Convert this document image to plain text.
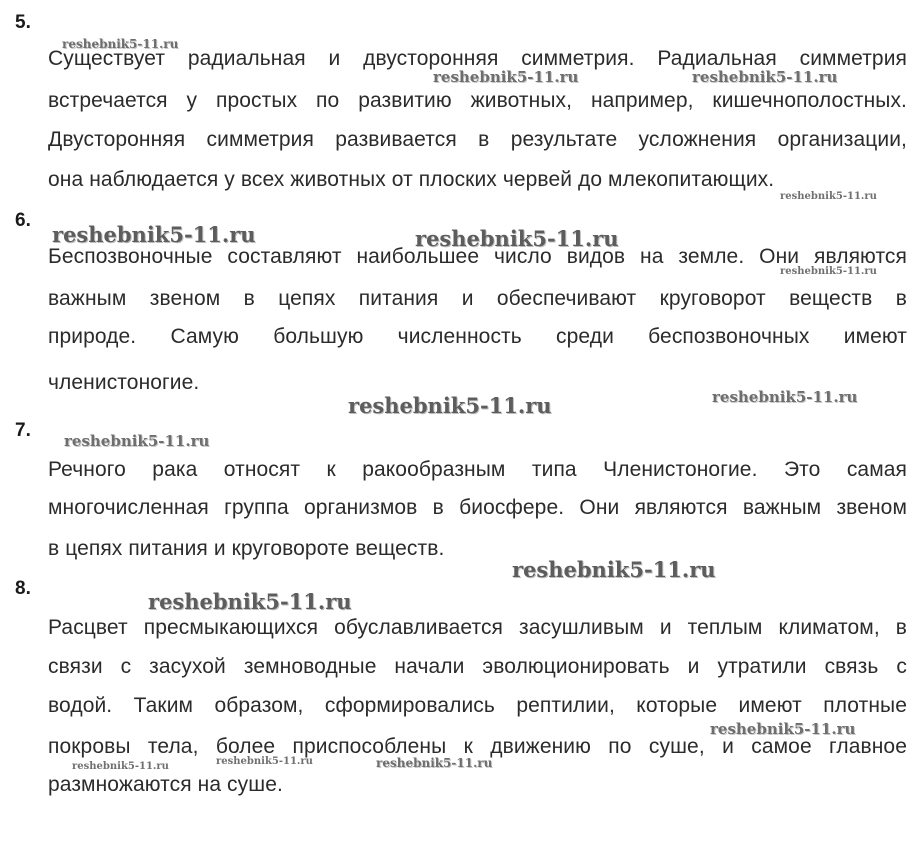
5.
Существует радиальная и двусторонняя симметрия. Радиальная симметрия
встречается у простых по развитию животных, например, кишечнополостных.
Двусторонняя симметрия развивается в результате усложнения организации,
она наблюдается у всех животных от плоских червей до млекопитающих.
6.
Беспозвоночные составляют наибольшее число видов на земле. Они являются
важным звеном в цепях питания и обеспечивают круговорот веществ в
природе. Самую большую численность среди беспозвоночных имеют
членистоногие.
7.
Речного рака относят к ракообразным типа Членистоногие. Это самая
многочисленная группа организмов в биосфере. Они являются важным звеном
в цепях питания и круговороте веществ.
8.
Расцвет пресмыкающихся обуславливается засушливым и теплым климатом, в
связи с засухой земноводные начали эволюционировать и утратили связь с
водой. Таким образом, сформировались рептилии, которые имеют плотные
покровы тела, более приспособлены к движению по суше, и самое главное
размножаются на суше.
reshebnik5-11.ru
reshebnik5-11.ru	reshebnik5-11.ru
reshebnik5-11.ru
reshebnik5-11.ru	reshebnik5-11.ru
reshebnik5-11.ru
reshebnik5-11.ru
reshebnik5-11.ru
reshebnik5-11.ru
reshebnik5-11.ru
reshebnik5-11.ru
reshebnik5-11.ru
reshebnik5-11.ru	reshebnik5-11.ru	reshebnik5-11.ru
